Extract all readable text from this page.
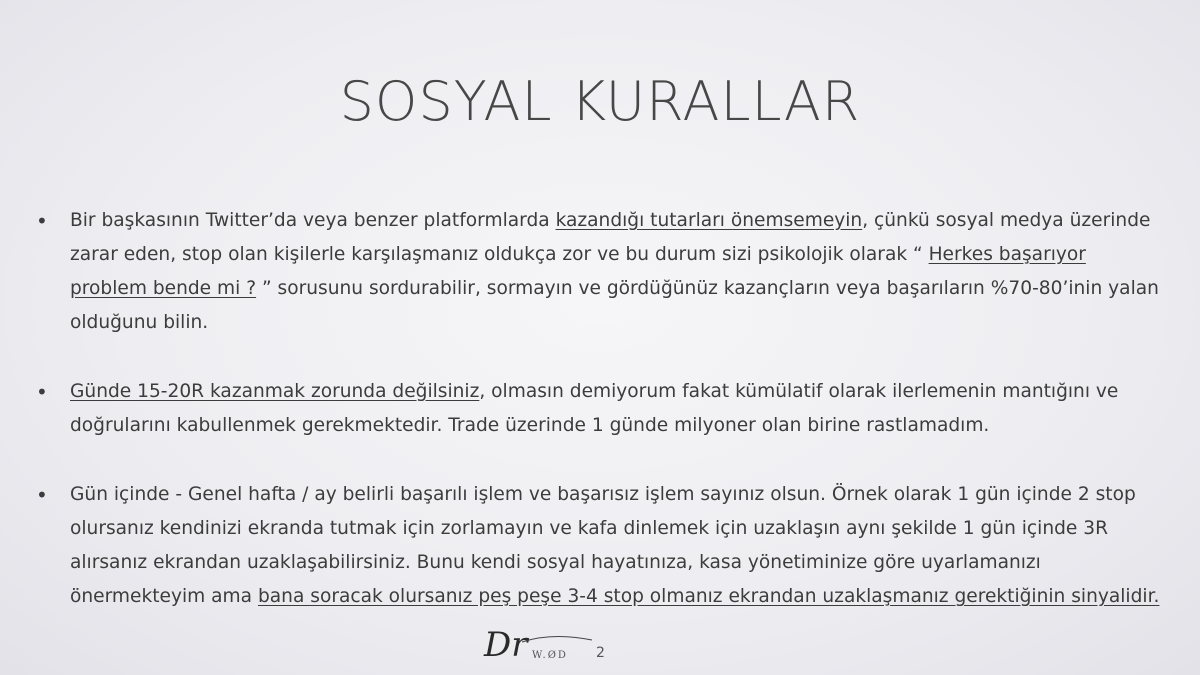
SOSYAL KURALLAR
•	Bir başkasının Twitter’da veya benzer platformlarda kazandığı tutarları önemsemeyin, çünkü sosyal medya üzerinde zarar eden, stop olan kişilerle karşılaşmanız oldukça zor ve bu durum sizi psikolojik olarak “ Herkes başarıyor problem bende mi ? ” sorusunu sordurabilir, sormayın ve gördüğünüz kazançların veya başarıların %70-80’inin yalan olduğunu bilin.
•	Günde 15-20R kazanmak zorunda değilsiniz, olmasın demiyorum fakat kümülatif olarak ilerlemenin mantığını ve doğrularını kabullenmek gerekmektedir. Trade üzerinde 1 günde milyoner olan birine rastlamadım.
•	Gün içinde - Genel hafta / ay belirli başarılı işlem ve başarısız işlem sayınız olsun. Örnek olarak 1 gün içinde 2 stop olursanız kendinizi ekranda tutmak için zorlamayın ve kafa dinlemek için uzaklaşın aynı şekilde 1 gün içinde 3R alırsanız ekrandan uzaklaşabilirsiniz. Bunu kendi sosyal hayatınıza, kasa yönetiminize göre uyarlamanızı önermekteyim ama bana soracak olursanız peş peşe 3-4 stop olmanız ekrandan uzaklaşmanız gerektiğinin sinyalidir.
Dr W.ØD 2
